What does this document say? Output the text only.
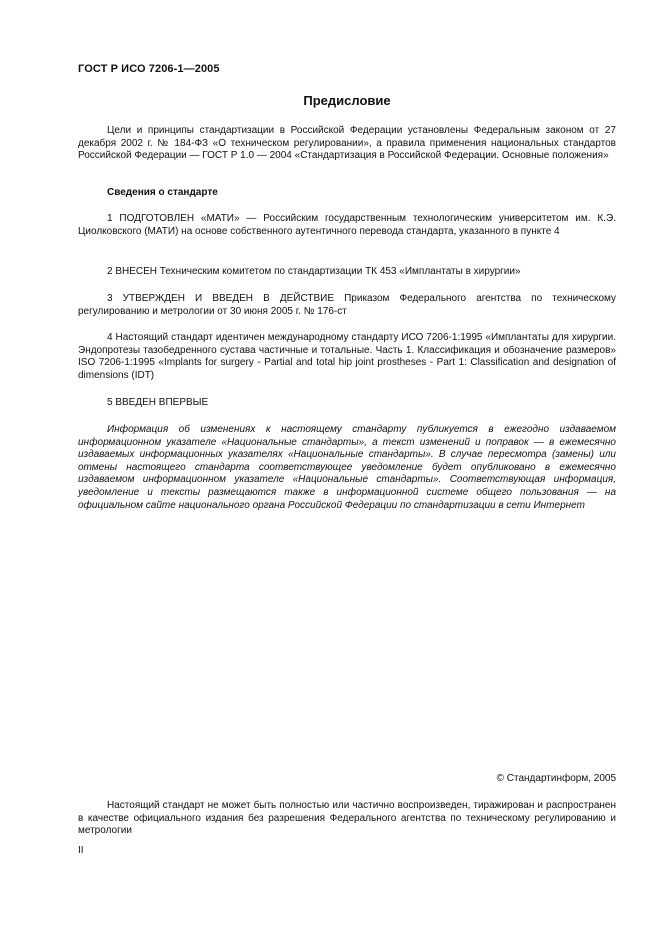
ГОСТ Р ИСО 7206-1—2005
Предисловие

Цели и принципы стандартизации в Российской Федерации установлены Федеральным законом от 27 декабря 2002 г. № 184-ФЗ «О техническом регулировании», а правила применения национальных стандартов Российской Федерации — ГОСТ Р 1.0 — 2004 «Стандартизация в Российской Федерации. Основные положения»

Сведения о стандарте

1 ПОДГОТОВЛЕН «МАТИ» — Российским государственным технологическим университетом им. К.Э. Циолковского (МАТИ) на основе собственного аутентичного перевода стандарта, указанного в пункте 4

2 ВНЕСЕН Техническим комитетом по стандартизации ТК 453 «Имплантаты в хирургии»

3 УТВЕРЖДЕН И ВВЕДЕН В ДЕЙСТВИЕ Приказом Федерального агентства по техническому регулированию и метрологии от 30 июня 2005 г. № 176-ст

4 Настоящий стандарт идентичен международному стандарту ИСО 7206-1:1995 «Имплантаты для хирургии. Эндопротезы тазобедренного сустава частичные и тотальные. Часть 1. Классификация и обозначение размеров» ISO 7206-1:1995 «Implants for surgery - Partial and total hip joint prostheses - Part 1: Classification and designation of dimensions (IDT)

5 ВВЕДЕН ВПЕРВЫЕ

Информация об изменениях к настоящему стандарту публикуется в ежегодно издаваемом информационном указателе «Национальные стандарты», а текст изменений и поправок — в ежемесячно издаваемых информационных указателях «Национальные стандарты». В случае пересмотра (замены) или отмены настоящего стандарта соответствующее уведомление будет опубликовано в ежемесячно издаваемом информационном указателе «Национальные стандарты». Соответствующая информация, уведомление и тексты размещаются также в информационной системе общего пользования — на официальном сайте национального органа Российской Федерации по стандартизации в сети Интернет

© Стандартинформ, 2005

Настоящий стандарт не может быть полностью или частично воспроизведен, тиражирован и распространен в качестве официального издания без разрешения Федерального агентства по техническому регулированию и метрологии

II
